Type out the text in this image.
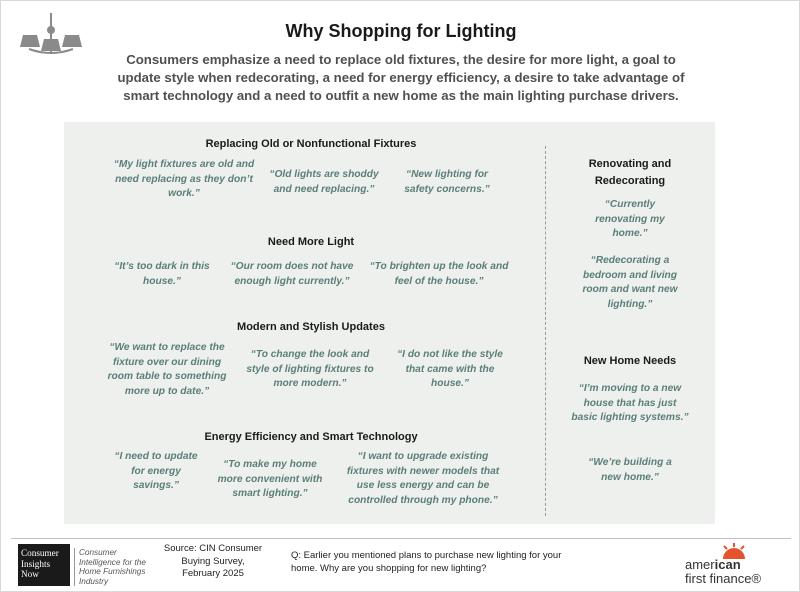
Why Shopping for Lighting
Consumers emphasize a need to replace old fixtures, the desire for more light, a goal to update style when redecorating, a need for energy efficiency, a desire to take advantage of smart technology and a need to outfit a new home as the main lighting purchase drivers.
Replacing Old or Nonfunctional Fixtures
“My light fixtures are old and need replacing as they don’t work.”
“Old lights are shoddy and need replacing.”
“New lighting for safety concerns.”
Need More Light
“It’s too dark in this house.”
“Our room does not have enough light currently.”
“To brighten up the look and feel of the house.”
Modern and Stylish Updates
“We want to replace the fixture over our dining room table to something more up to date.”
“To change the look and style of lighting fixtures to more modern.”
“I do not like the style that came with the house.”
Energy Efficiency and Smart Technology
“I need to update for energy savings.”
“To make my home more convenient with smart lighting.”
“I want to upgrade existing fixtures with newer models that use less energy and can be controlled through my phone.”
Renovating and
Redecorating
“Currently renovating my home.”
“Redecorating a bedroom and living room and want new lighting.”
New Home Needs
“I’m moving to a new house that has just basic lighting systems.”
“We’re building a new home.”
Consumer
Insights
Now
Consumer Intelligence for the Home Furnishings Industry
Source: CIN Consumer Buying Survey, February 2025
Q: Earlier you mentioned plans to purchase new lighting for your home. Why are you shopping for new lighting?	american
first finance®
